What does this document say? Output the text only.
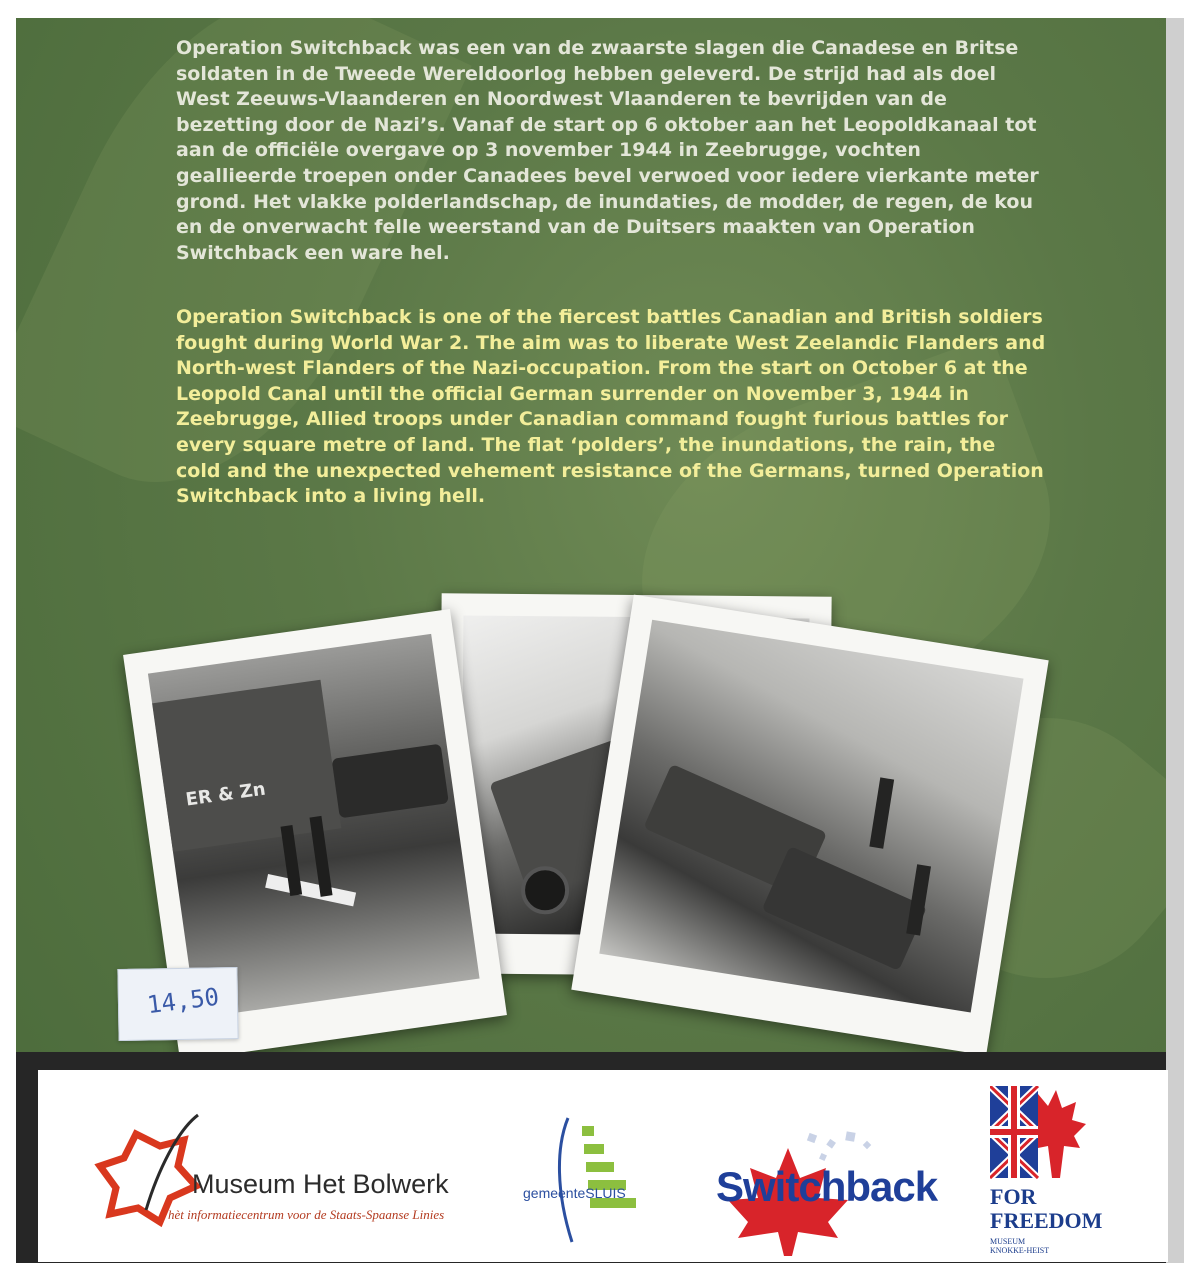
Operation Switchback was een van de zwaarste slagen die Canadese en Britse soldaten in de Tweede Wereldoorlog hebben geleverd. De strijd had als doel West Zeeuws-Vlaanderen en Noordwest Vlaanderen te bevrijden van de bezetting door de Nazi’s. Vanaf de start op 6 oktober aan het Leopoldkanaal tot aan de officiële overgave op 3 november 1944 in Zeebrugge, vochten geallieerde troepen onder Canadees bevel verwoed voor iedere vierkante meter grond. Het vlakke polderlandschap, de inundaties, de modder, de regen, de kou en de onverwacht felle weerstand van de Duitsers maakten van Operation Switchback een ware hel.
Operation Switchback is one of the fiercest battles Canadian and British soldiers fought during World War 2. The aim was to liberate West Zeelandic Flanders and North-west Flanders of the Nazi-occupation. From the start on October 6 at the Leopold Canal until the official German surrender on November 3, 1944 in Zeebrugge, Allied troops under Canadian command fought furious battles for every square metre of land. The flat ‘polders’, the inundations, the rain, the cold and the unexpected vehement resistance of the Germans, turned Operation Switchback into a living hell.
ER & Zn
14,50
Museum Het Bolwerk
hèt informatiecentrum voor de Staats-Spaanse Linies
gemeenteSLUIS Switchback FOR FREEDOM
MUSEUM KNOKKE-HEIST
